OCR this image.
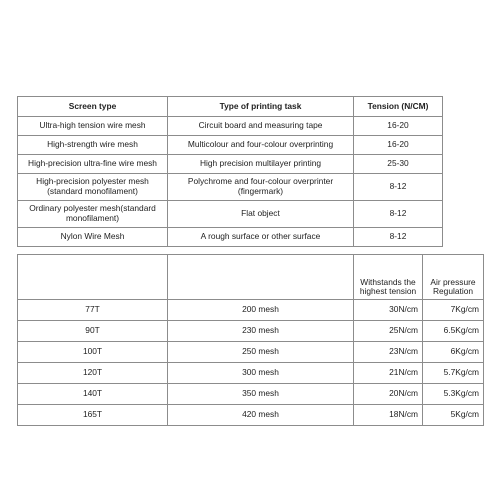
Screen type	Type of printing task	Tension (N/CM)
Ultra-high tension wire mesh	Circuit board and measuring tape	16-20
High-strength wire mesh	Multicolour and four-colour overprinting	16-20
High-precision ultra-fine wire mesh	High precision multilayer printing	25-30
High-precision polyester mesh (standard monofilament)	Polychrome and four-colour overprinter (fingermark)	8-12
Ordinary polyester mesh(standard monofilament)	Flat object	8-12
Nylon Wire Mesh	A rough surface or other surface	8-12
		Withstands the highest tension	Air pressure Regulation
77T	200 mesh	30N/cm	7Kg/cm
90T	230 mesh	25N/cm	6.5Kg/cm
100T	250 mesh	23N/cm	6Kg/cm
120T	300 mesh	21N/cm	5.7Kg/cm
140T	350 mesh	20N/cm	5.3Kg/cm
165T	420 mesh	18N/cm	5Kg/cm
